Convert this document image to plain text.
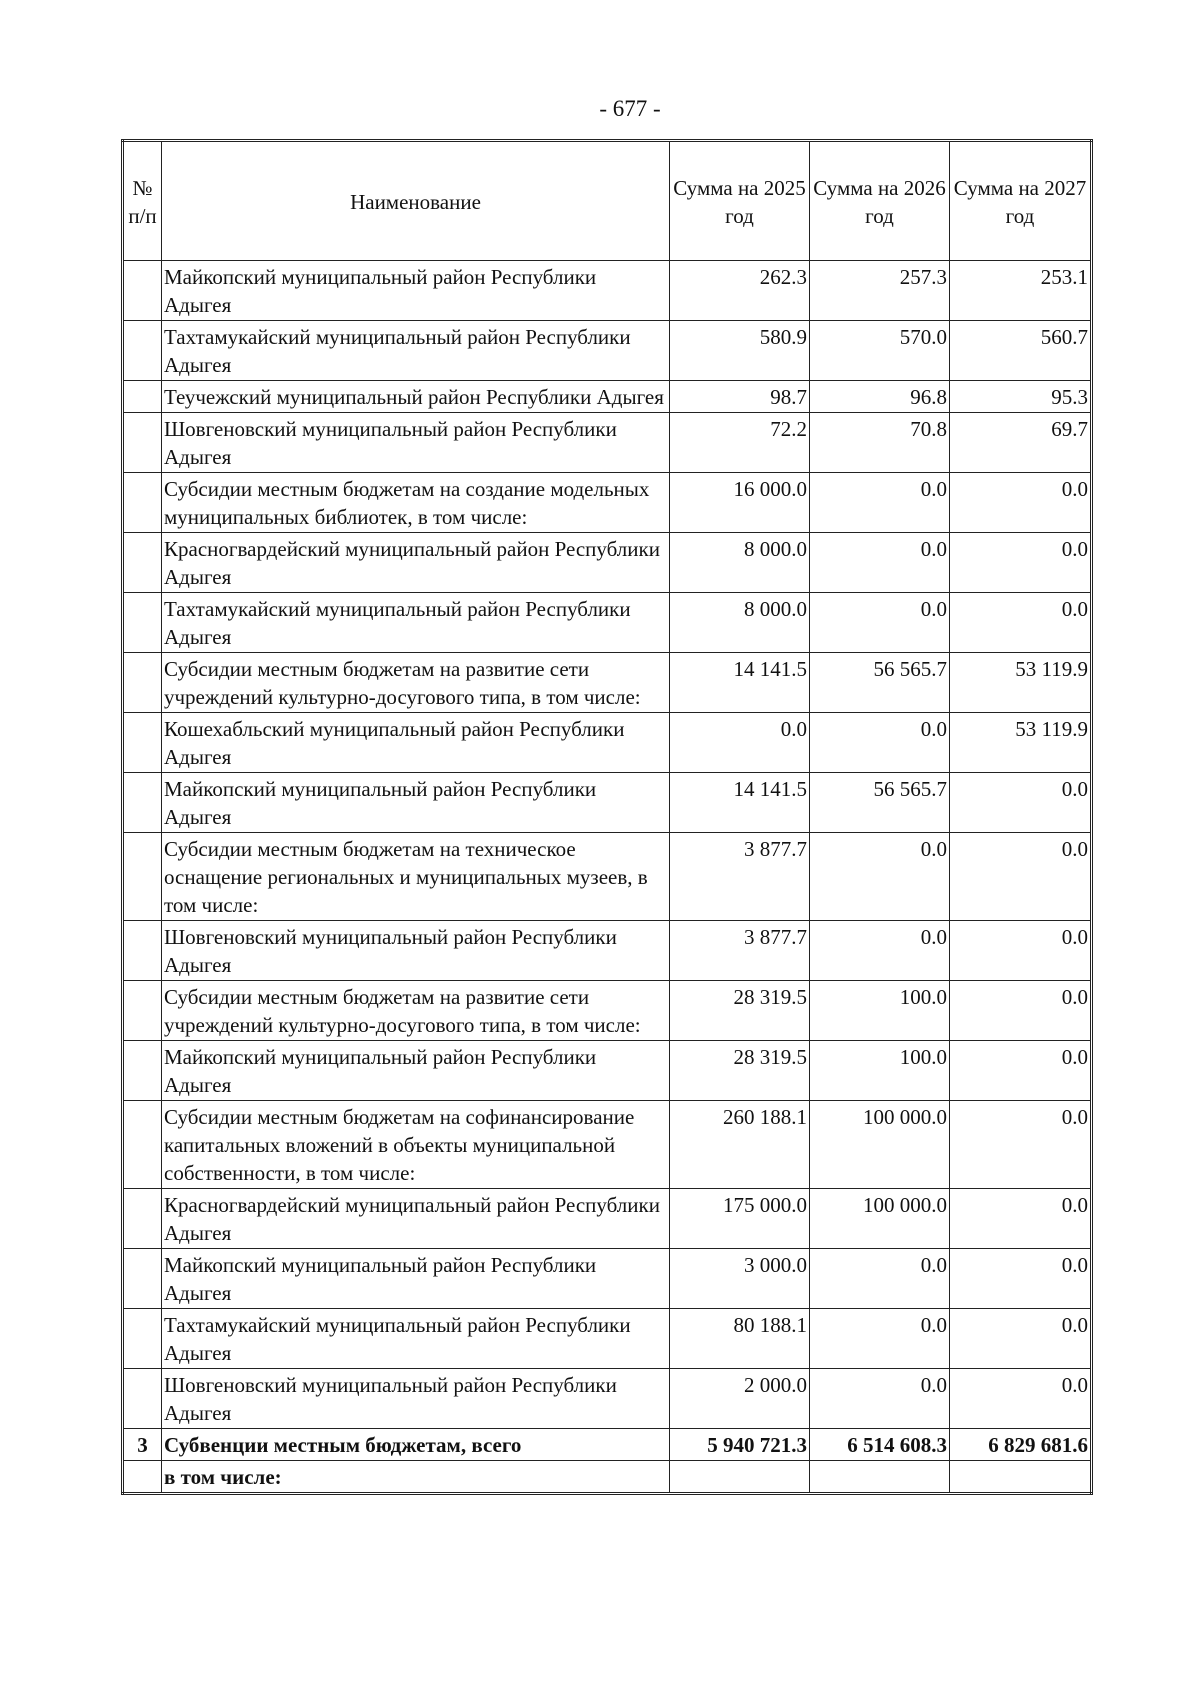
- 677 -
№ п/п	Наименование	Сумма на 2025 год	Сумма на 2026 год	Сумма на 2027 год
	Майкопский муниципальный район Республики Адыгея	262.3	257.3	253.1
	Тахтамукайский муниципальный район Республики Адыгея	580.9	570.0	560.7
	Теучежский муниципальный район Республики Адыгея	98.7	96.8	95.3
	Шовгеновский муниципальный район Республики Адыгея	72.2	70.8	69.7
	Субсидии местным бюджетам на создание модельных муниципальных библиотек, в том числе:	16 000.0	0.0	0.0
	Красногвардейский муниципальный район Республики Адыгея	8 000.0	0.0	0.0
	Тахтамукайский муниципальный район Республики Адыгея	8 000.0	0.0	0.0
	Субсидии местным бюджетам на развитие сети учреждений культурно-досугового типа, в том числе:	14 141.5	56 565.7	53 119.9
	Кошехабльский муниципальный район Республики Адыгея	0.0	0.0	53 119.9
	Майкопский муниципальный район Республики Адыгея	14 141.5	56 565.7	0.0
	Субсидии местным бюджетам на техническое оснащение региональных и муниципальных музеев, в том числе:	3 877.7	0.0	0.0
	Шовгеновский муниципальный район Республики Адыгея	3 877.7	0.0	0.0
	Субсидии местным бюджетам на развитие сети учреждений культурно-досугового типа, в том числе:	28 319.5	100.0	0.0
	Майкопский муниципальный район Республики Адыгея	28 319.5	100.0	0.0
	Субсидии местным бюджетам на софинансирование капитальных вложений в объекты муниципальной собственности, в том числе:	260 188.1	100 000.0	0.0
	Красногвардейский муниципальный район Республики Адыгея	175 000.0	100 000.0	0.0
	Майкопский муниципальный район Республики Адыгея	3 000.0	0.0	0.0
	Тахтамукайский муниципальный район Республики Адыгея	80 188.1	0.0	0.0
	Шовгеновский муниципальный район Республики Адыгея	2 000.0	0.0	0.0
3	Субвенции местным бюджетам, всего	5 940 721.3	6 514 608.3	6 829 681.6
	в том числе:			
